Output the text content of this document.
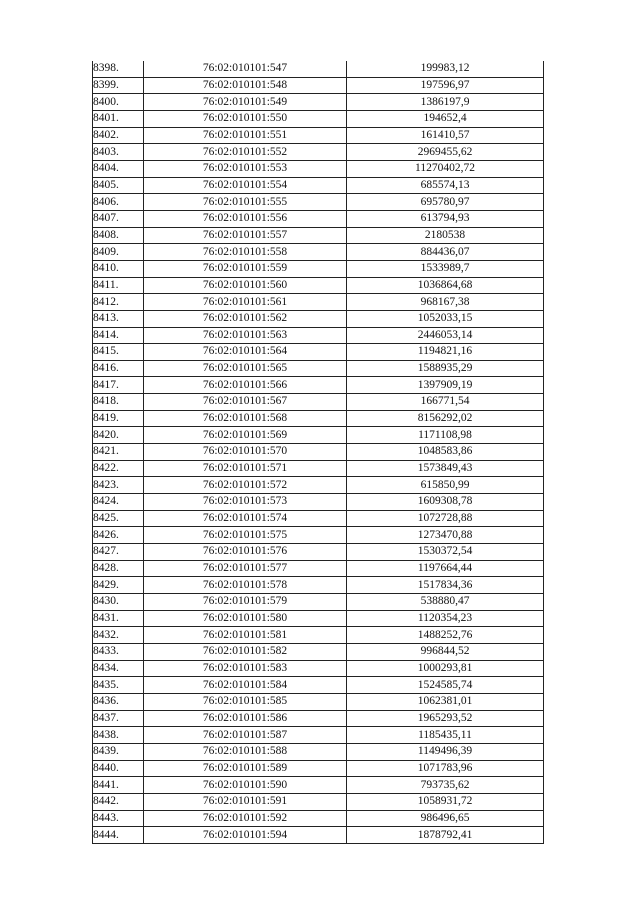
8398.	76:02:010101:547	199983,12
8399.	76:02:010101:548	197596,97
8400.	76:02:010101:549	1386197,9
8401.	76:02:010101:550	194652,4
8402.	76:02:010101:551	161410,57
8403.	76:02:010101:552	2969455,62
8404.	76:02:010101:553	11270402,72
8405.	76:02:010101:554	685574,13
8406.	76:02:010101:555	695780,97
8407.	76:02:010101:556	613794,93
8408.	76:02:010101:557	2180538
8409.	76:02:010101:558	884436,07
8410.	76:02:010101:559	1533989,7
8411.	76:02:010101:560	1036864,68
8412.	76:02:010101:561	968167,38
8413.	76:02:010101:562	1052033,15
8414.	76:02:010101:563	2446053,14
8415.	76:02:010101:564	1194821,16
8416.	76:02:010101:565	1588935,29
8417.	76:02:010101:566	1397909,19
8418.	76:02:010101:567	166771,54
8419.	76:02:010101:568	8156292,02
8420.	76:02:010101:569	1171108,98
8421.	76:02:010101:570	1048583,86
8422.	76:02:010101:571	1573849,43
8423.	76:02:010101:572	615850,99
8424.	76:02:010101:573	1609308,78
8425.	76:02:010101:574	1072728,88
8426.	76:02:010101:575	1273470,88
8427.	76:02:010101:576	1530372,54
8428.	76:02:010101:577	1197664,44
8429.	76:02:010101:578	1517834,36
8430.	76:02:010101:579	538880,47
8431.	76:02:010101:580	1120354,23
8432.	76:02:010101:581	1488252,76
8433.	76:02:010101:582	996844,52
8434.	76:02:010101:583	1000293,81
8435.	76:02:010101:584	1524585,74
8436.	76:02:010101:585	1062381,01
8437.	76:02:010101:586	1965293,52
8438.	76:02:010101:587	1185435,11
8439.	76:02:010101:588	1149496,39
8440.	76:02:010101:589	1071783,96
8441.	76:02:010101:590	793735,62
8442.	76:02:010101:591	1058931,72
8443.	76:02:010101:592	986496,65
8444.	76:02:010101:594	1878792,41
